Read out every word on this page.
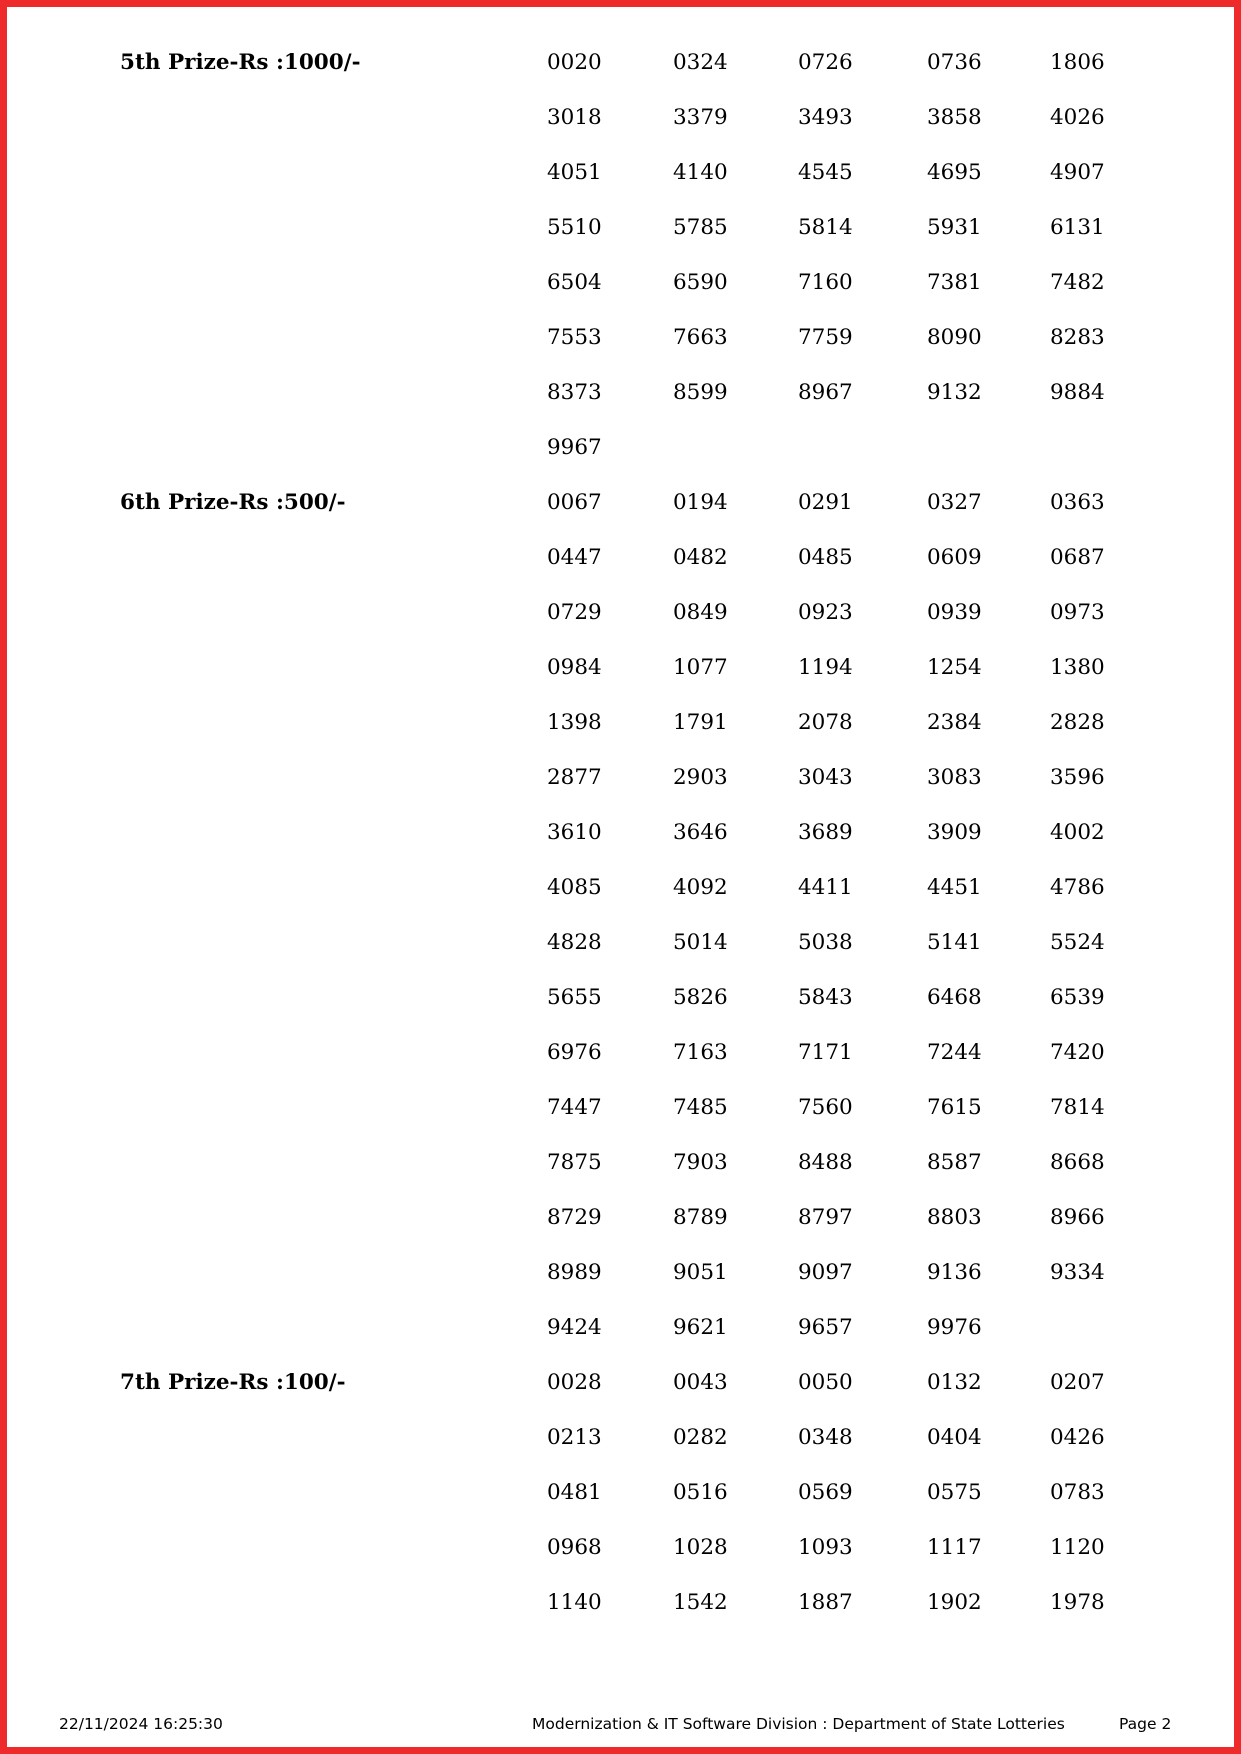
5th Prize-Rs :1000/-	0020	0324	0726	0736	1806
3018	3379	3493	3858	4026
4051	4140	4545	4695	4907
5510	5785	5814	5931	6131
6504	6590	7160	7381	7482
7553	7663	7759	8090	8283
8373	8599	8967	9132	9884
9967
6th Prize-Rs :500/-	0067	0194	0291	0327	0363
0447	0482	0485	0609	0687
0729	0849	0923	0939	0973
0984	1077	1194	1254	1380
1398	1791	2078	2384	2828
2877	2903	3043	3083	3596
3610	3646	3689	3909	4002
4085	4092	4411	4451	4786
4828	5014	5038	5141	5524
5655	5826	5843	6468	6539
6976	7163	7171	7244	7420
7447	7485	7560	7615	7814
7875	7903	8488	8587	8668
8729	8789	8797	8803	8966
8989	9051	9097	9136	9334
9424	9621	9657	9976
7th Prize-Rs :100/-	0028	0043	0050	0132	0207
0213	0282	0348	0404	0426
0481	0516	0569	0575	0783
0968	1028	1093	1117	1120
1140	1542	1887	1902	1978
22/11/2024 16:25:30	Modernization & IT Software Division : Department of State Lotteries	Page 2
